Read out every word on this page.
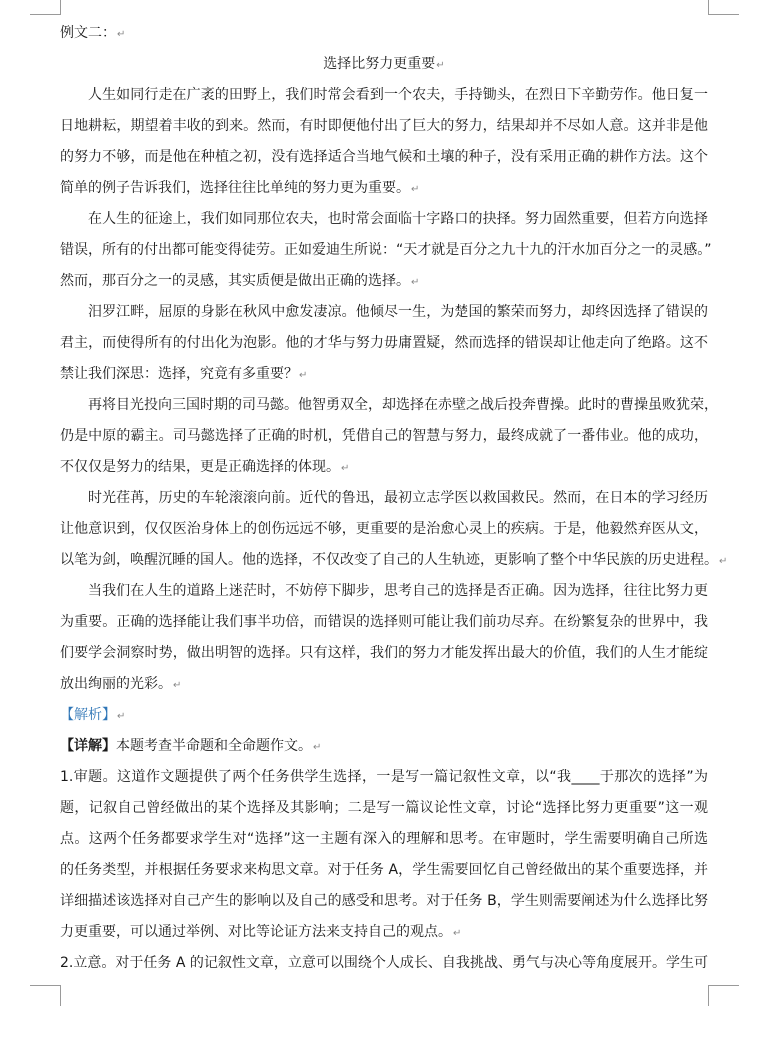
例文二：↵
选择比努力更重要↵
人生如同行走在广袤的田野上，我们时常会看到一个农夫，手持锄头，在烈日下辛勤劳作。他日复一
日地耕耘，期望着丰收的到来。然而，有时即便他付出了巨大的努力，结果却并不尽如人意。这并非是他
的努力不够，而是他在种植之初，没有选择适合当地气候和土壤的种子，没有采用正确的耕作方法。这个
简单的例子告诉我们，选择往往比单纯的努力更为重要。↵
在人生的征途上，我们如同那位农夫，也时常会面临十字路口的抉择。努力固然重要，但若方向选择
错误，所有的付出都可能变得徒劳。正如爱迪生所说：“天才就是百分之九十九的汗水加百分之一的灵感。”
然而，那百分之一的灵感，其实质便是做出正确的选择。↵
汨罗江畔，屈原的身影在秋风中愈发凄凉。他倾尽一生，为楚国的繁荣而努力，却终因选择了错误的
君主，而使得所有的付出化为泡影。他的才华与努力毋庸置疑，然而选择的错误却让他走向了绝路。这不
禁让我们深思：选择，究竟有多重要？↵
再将目光投向三国时期的司马懿。他智勇双全，却选择在赤壁之战后投奔曹操。此时的曹操虽败犹荣，
仍是中原的霸主。司马懿选择了正确的时机，凭借自己的智慧与努力，最终成就了一番伟业。他的成功，
不仅仅是努力的结果，更是正确选择的体现。↵
时光荏苒，历史的车轮滚滚向前。近代的鲁迅，最初立志学医以救国救民。然而，在日本的学习经历
让他意识到，仅仅医治身体上的创伤远远不够，更重要的是治愈心灵上的疾病。于是，他毅然弃医从文，
以笔为剑，唤醒沉睡的国人。他的选择，不仅改变了自己的人生轨迹，更影响了整个中华民族的历史进程。↵
当我们在人生的道路上迷茫时，不妨停下脚步，思考自己的选择是否正确。因为选择，往往比努力更
为重要。正确的选择能让我们事半功倍，而错误的选择则可能让我们前功尽弃。在纷繁复杂的世界中，我
们要学会洞察时势，做出明智的选择。只有这样，我们的努力才能发挥出最大的价值，我们的人生才能绽
放出绚丽的光彩。↵
【解析】↵
【详解】本题考查半命题和全命题作文。↵
1.审题。这道作文题提供了两个任务供学生选择，一是写一篇记叙性文章，以“我____于那次的选择”为
题，记叙自己曾经做出的某个选择及其影响；二是写一篇议论性文章，讨论“选择比努力更重要”这一观
点。这两个任务都要求学生对“选择”这一主题有深入的理解和思考。在审题时，学生需要明确自己所选
的任务类型，并根据任务要求来构思文章。对于任务 A，学生需要回忆自己曾经做出的某个重要选择，并
详细描述该选择对自己产生的影响以及自己的感受和思考。对于任务 B，学生则需要阐述为什么选择比努
力更重要，可以通过举例、对比等论证方法来支持自己的观点。↵
2.立意。对于任务 A 的记叙性文章，立意可以围绕个人成长、自我挑战、勇气与决心等角度展开。学生可
